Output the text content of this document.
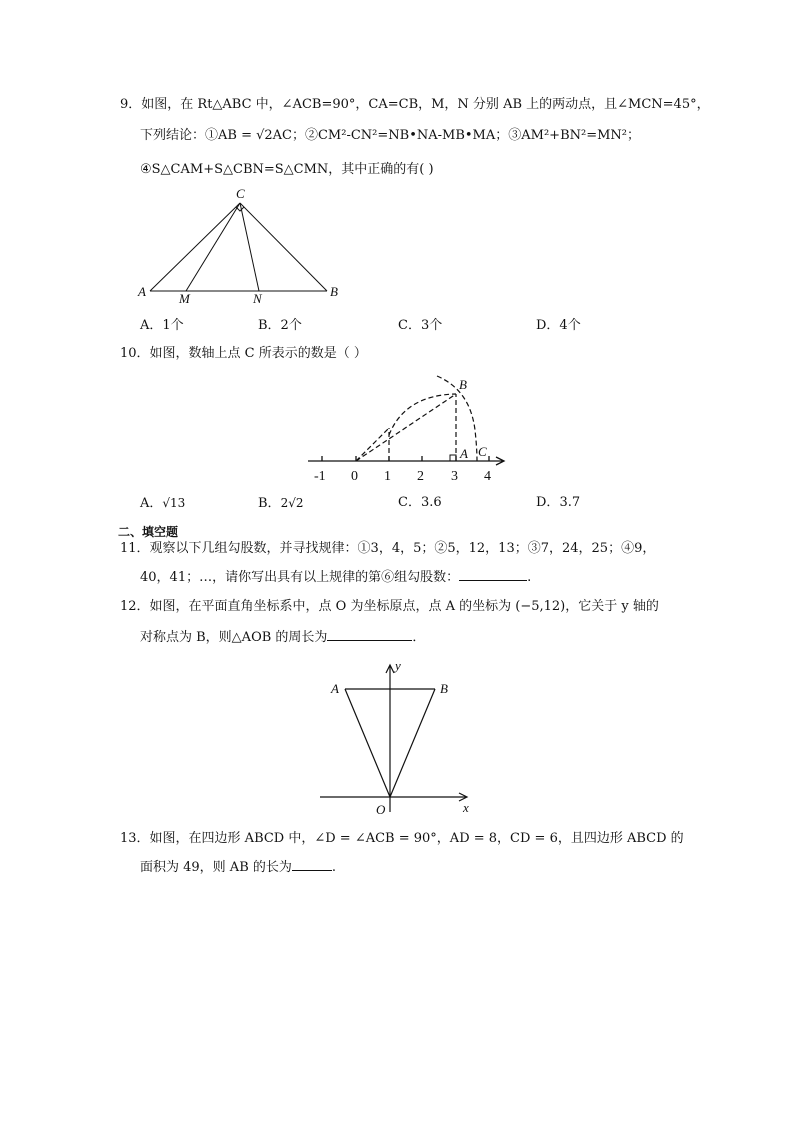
9．如图，在 Rt△ABC 中，∠ACB=90°，CA=CB，M，N 分别 AB 上的两动点，且∠MCN=45°，
下列结论：①AB = √2AC；②CM²-CN²=NB•NA-MB•MA；③AM²+BN²=MN²；
④S△CAM+S△CBN=S△CMN，其中正确的有( )
C
A	B
M	N
A．1个	B．2个	C．3个	D．4个
10．如图，数轴上点 C 所表示的数是（ ）
B
A C
-1 0 1 2 3 4
A．√13	B．2√2	C．3.6	D．3.7
二、填空题
11．观察以下几组勾股数，并寻找规律：①3，4，5；②5，12，13；③7，24，25；④9，
40，41；…，请你写出具有以上规律的第⑥组勾股数：	.
12．如图，在平面直角坐标系中，点 O 为坐标原点，点 A 的坐标为 (−5,12)，它关于 y 轴的
对称点为 B，则△AOB 的周长为	．
A	B
O	x
y
13．如图，在四边形 ABCD 中，∠D = ∠ACB = 90°，AD = 8，CD = 6，且四边形 ABCD 的
面积为 49，则 AB 的长为	.
